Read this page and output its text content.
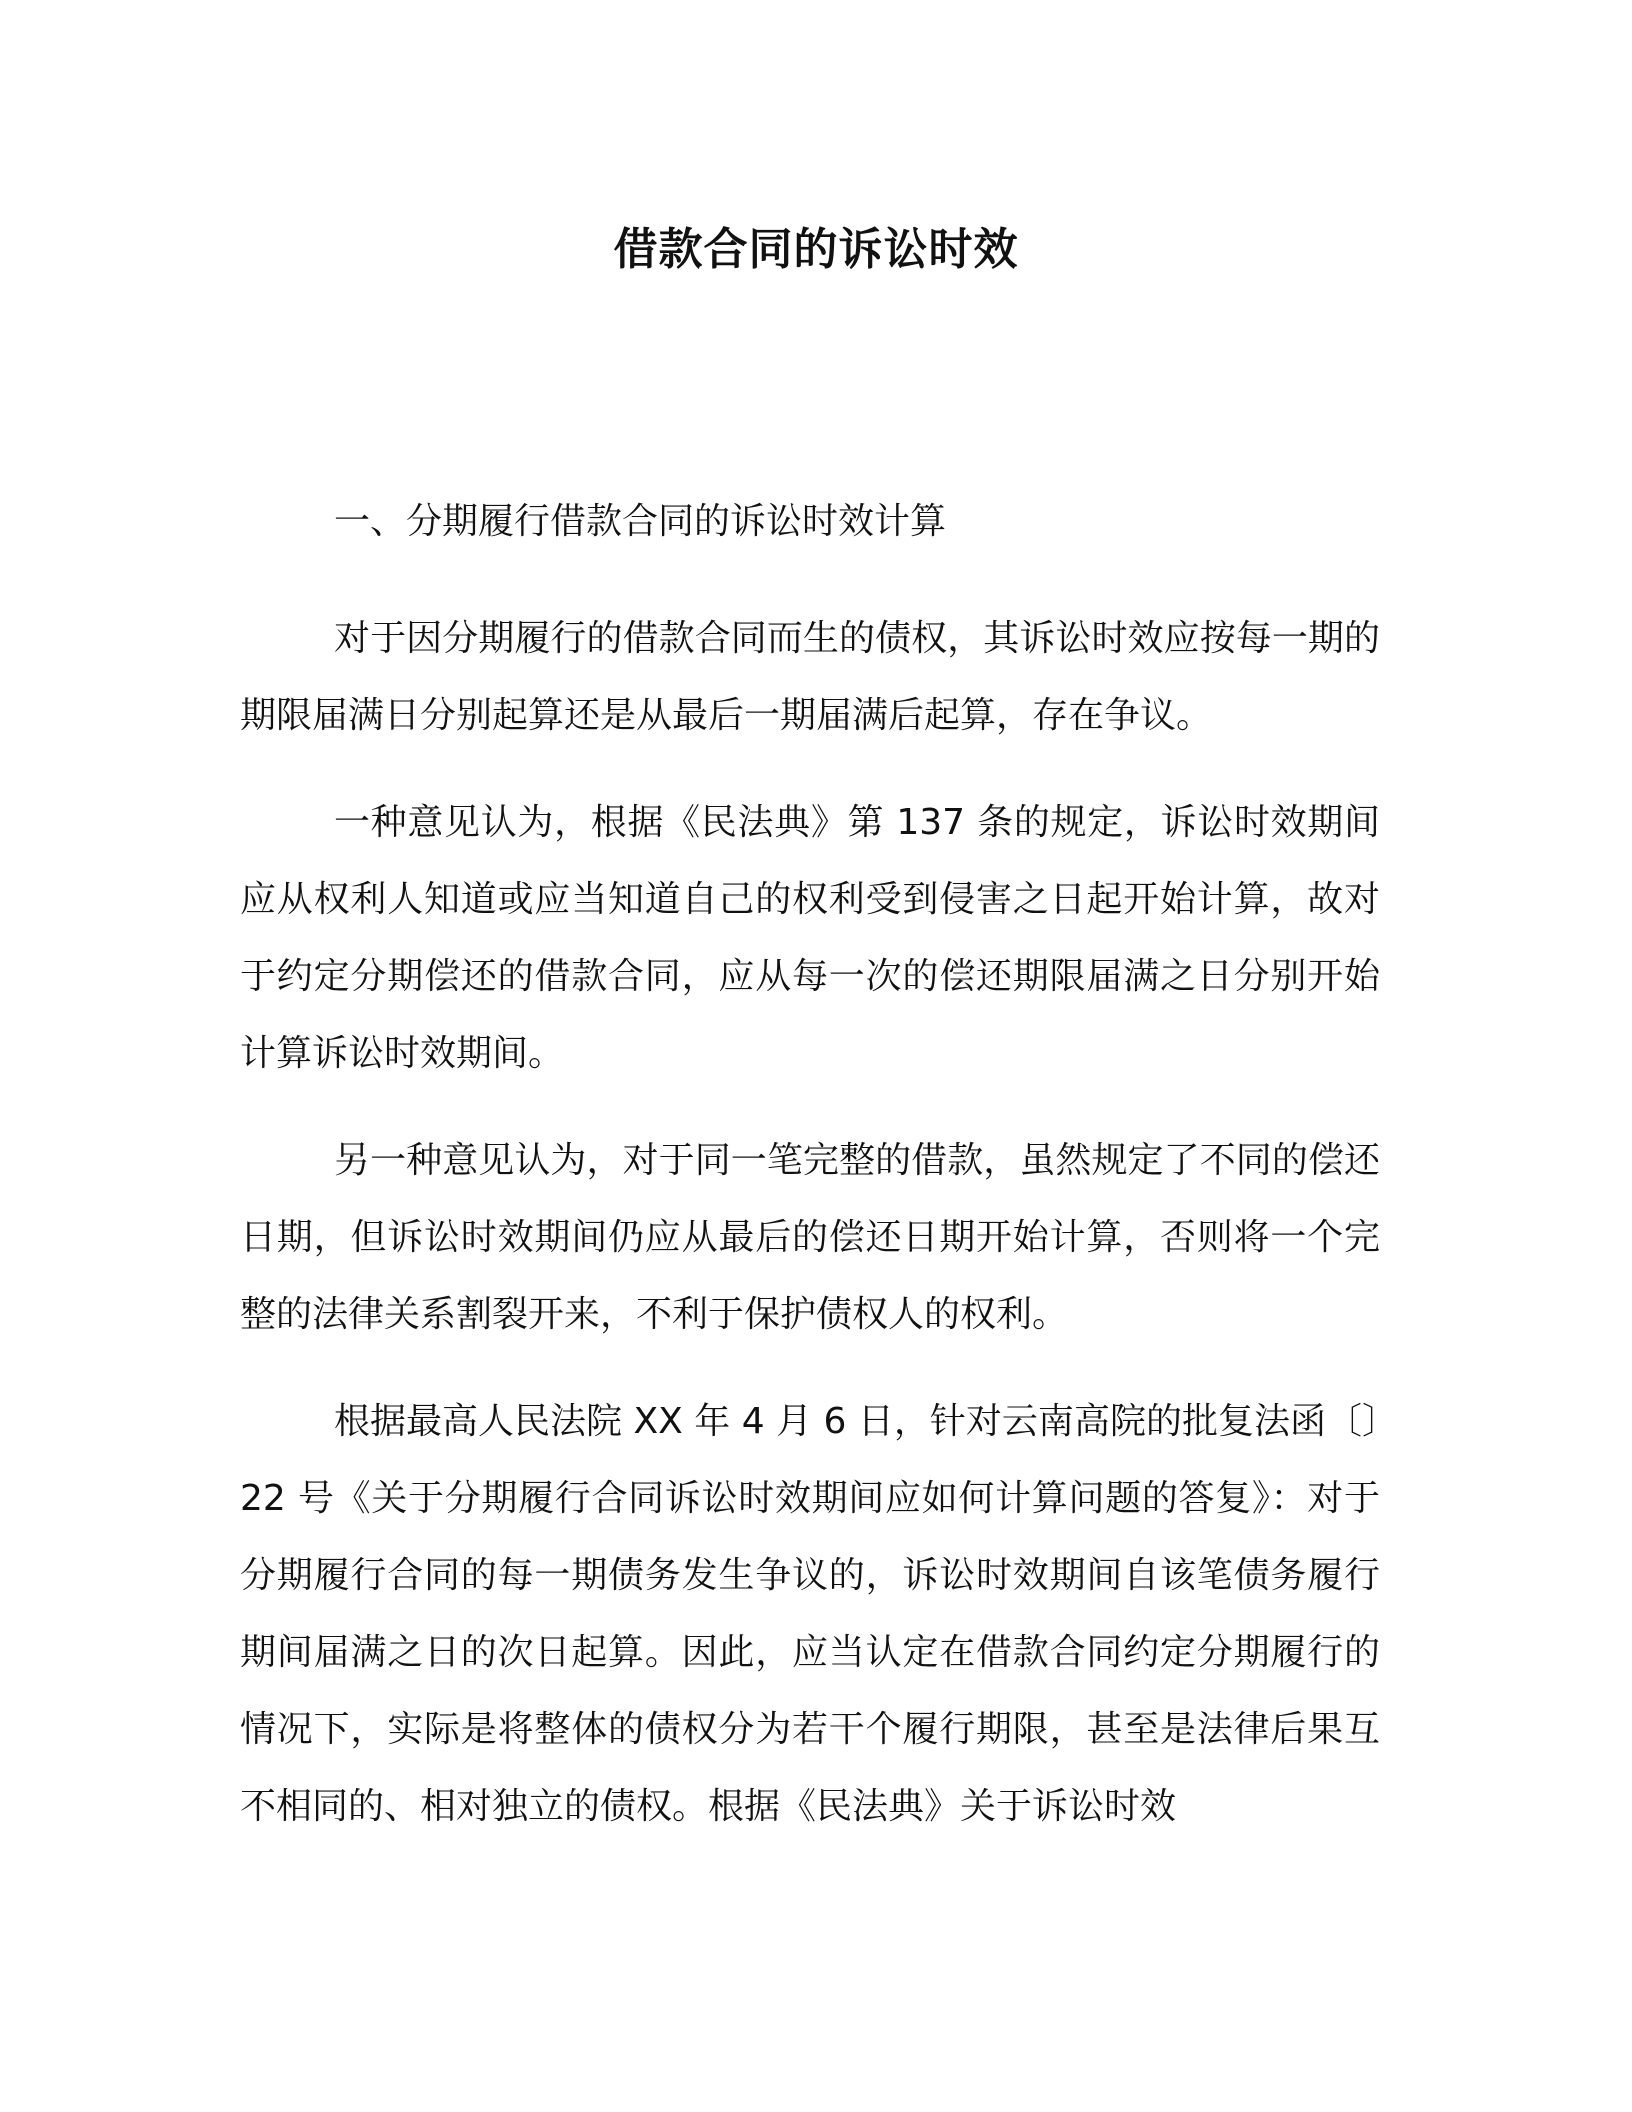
借款合同的诉讼时效
一、分期履行借款合同的诉讼时效计算

对于因分期履行的借款合同而生的债权，其诉讼时效应按每一期的期限届满日分别起算还是从最后一期届满后起算，存在争议。

一种意见认为，根据《民法典》第 137 条的规定，诉讼时效期间应从权利人知道或应当知道自己的权利受到侵害之日起开始计算，故对于约定分期偿还的借款合同，应从每一次的偿还期限届满之日分别开始计算诉讼时效期间。

另一种意见认为，对于同一笔完整的借款，虽然规定了不同的偿还日期，但诉讼时效期间仍应从最后的偿还日期开始计算，否则将一个完整的法律关系割裂开来，不利于保护债权人的权利。

根据最高人民法院 XX 年 4 月 6 日，针对云南高院的批复法函〔〕22 号《关于分期履行合同诉讼时效期间应如何计算问题的答复》：对于分期履行合同的每一期债务发生争议的，诉讼时效期间自该笔债务履行期间届满之日的次日起算。因此，应当认定在借款合同约定分期履行的情况下，实际是将整体的债权分为若干个履行期限，甚至是法律后果互不相同的、相对独立的债权。根据《民法典》关于诉讼时效
